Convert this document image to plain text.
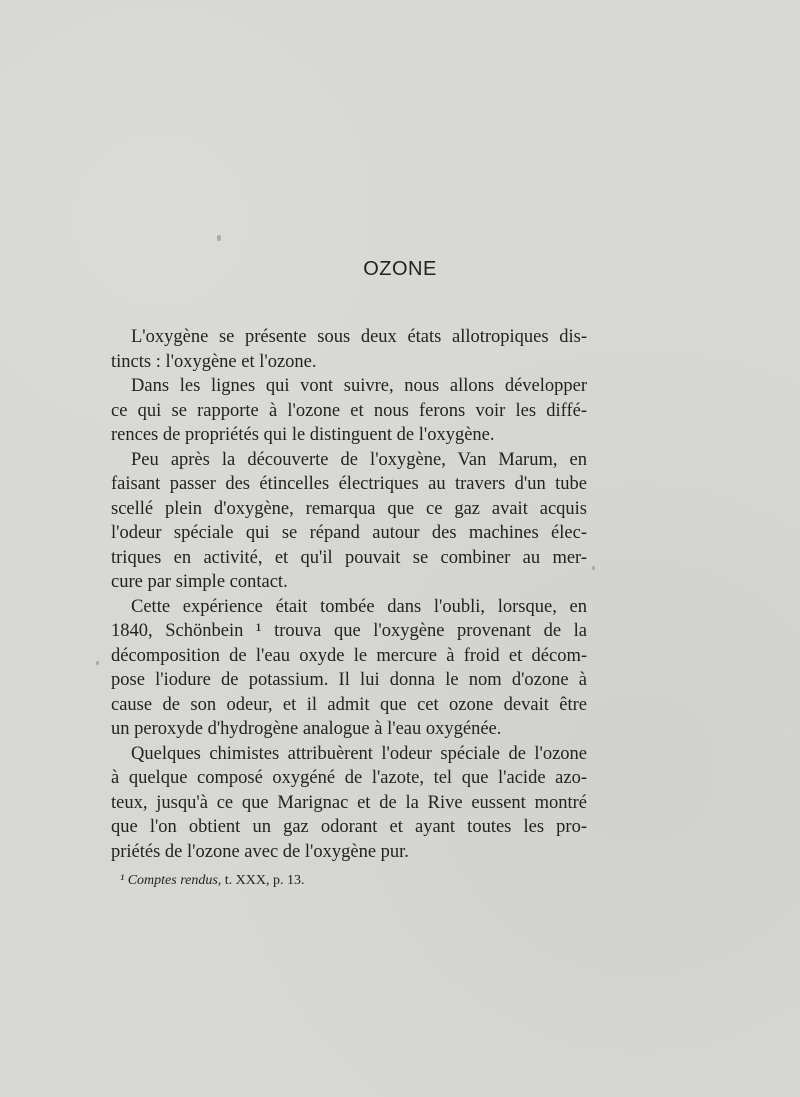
OZONE
L'oxygène se présente sous deux états allotropiques dis-
tincts : l'oxygène et l'ozone.
Dans les lignes qui vont suivre, nous allons développer
ce qui se rapporte à l'ozone et nous ferons voir les diffé-
rences de propriétés qui le distinguent de l'oxygène.
Peu après la découverte de l'oxygène, Van Marum, en
faisant passer des étincelles électriques au travers d'un tube
scellé plein d'oxygène, remarqua que ce gaz avait acquis
l'odeur spéciale qui se répand autour des machines élec-
triques en activité, et qu'il pouvait se combiner au mer-
cure par simple contact.
Cette expérience était tombée dans l'oubli, lorsque, en
1840, Schönbein ¹ trouva que l'oxygène provenant de la
décomposition de l'eau oxyde le mercure à froid et décom-
pose l'iodure de potassium. Il lui donna le nom d'ozone à
cause de son odeur, et il admit que cet ozone devait être
un peroxyde d'hydrogène analogue à l'eau oxygénée.
Quelques chimistes attribuèrent l'odeur spéciale de l'ozone
à quelque composé oxygéné de l'azote, tel que l'acide azo-
teux, jusqu'à ce que Marignac et de la Rive eussent montré
que l'on obtient un gaz odorant et ayant toutes les pro-
priétés de l'ozone avec de l'oxygène pur.
¹ Comptes rendus, t. XXX, p. 13.
